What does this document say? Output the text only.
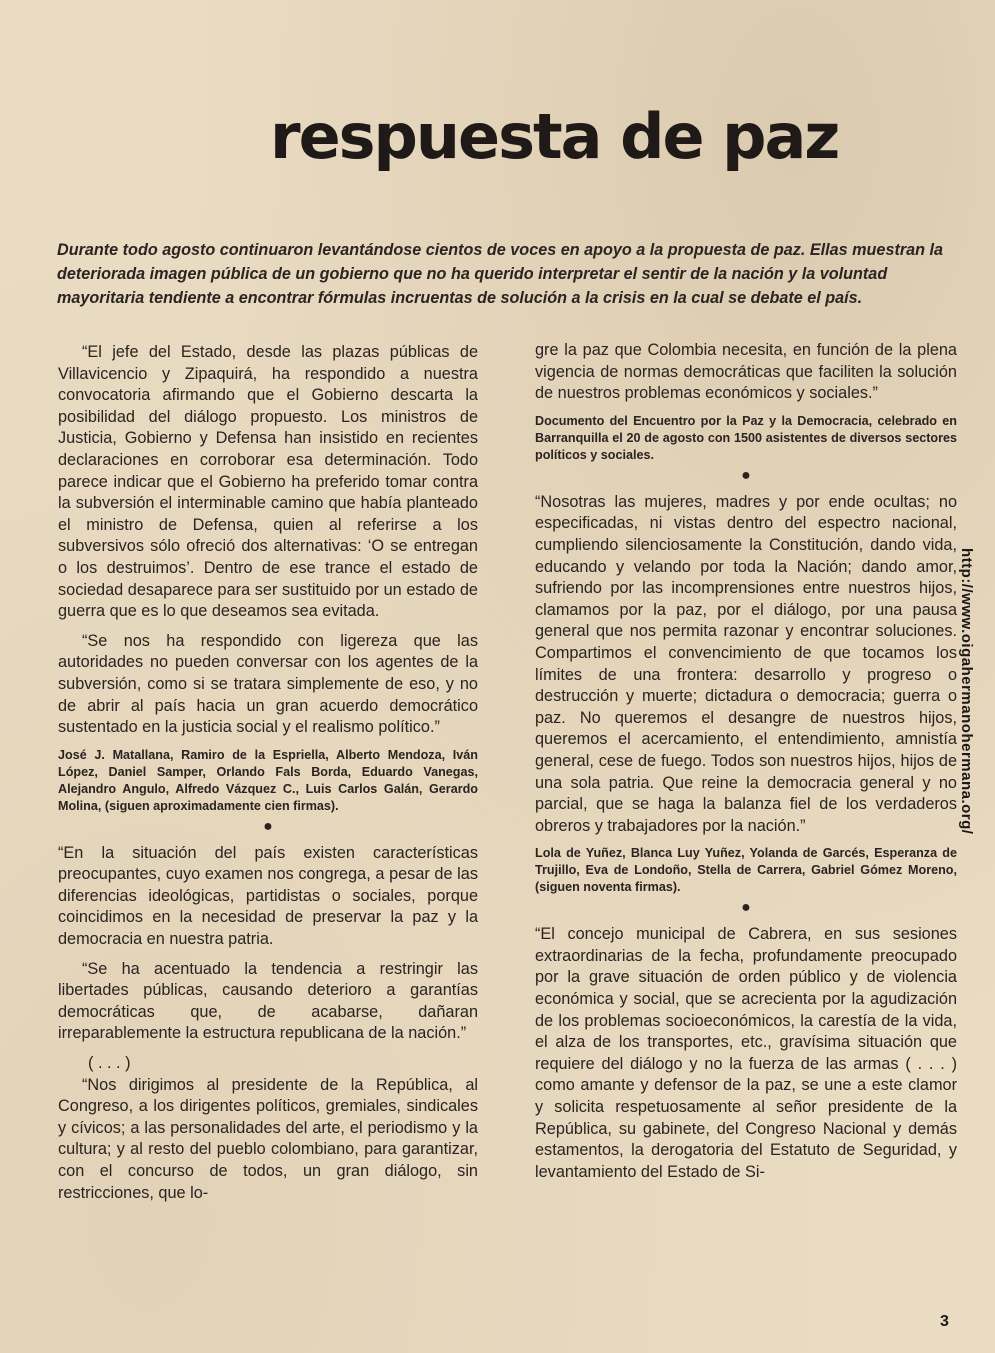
respuesta de paz

Durante todo agosto continuaron levantándose cientos de voces en apoyo a la propuesta de paz. Ellas muestran la deteriorada imagen pública de un gobierno que no ha querido interpretar el sentir de la nación y la voluntad mayoritaria tendiente a encontrar fórmulas incruentas de solución a la crisis en la cual se debate el país.

“El jefe del Estado, desde las plazas públicas de Villavicencio y Zipaquirá, ha respondido a nuestra convocatoria afirmando que el Gobierno descarta la posibilidad del diálogo propuesto. Los ministros de Justicia, Gobierno y Defensa han insistido en recientes declaraciones en corroborar esa determinación. Todo parece indicar que el Gobierno ha preferido tomar contra la subversión el interminable camino que había planteado el ministro de Defensa, quien al referirse a los subversivos sólo ofreció dos alternativas: ‘O se entregan o los destruimos’. Dentro de ese trance el estado de sociedad desaparece para ser sustituido por un estado de guerra que es lo que deseamos sea evitada.

“Se nos ha respondido con ligereza que las autoridades no pueden conversar con los agentes de la subversión, como si se tratara simplemente de eso, y no de abrir al país hacia un gran acuerdo democrático sustentado en la justicia social y el realismo político.”

José J. Matallana, Ramiro de la Espriella, Alberto Mendoza, Iván López, Daniel Samper, Orlando Fals Borda, Eduardo Vanegas, Alejandro Angulo, Alfredo Vázquez C., Luis Carlos Galán, Gerardo Molina, (siguen aproximadamente cien firmas).

●

“En la situación del país existen características preocupantes, cuyo examen nos congrega, a pesar de las diferencias ideológicas, partidistas o sociales, porque coincidimos en la necesidad de preservar la paz y la democracia en nuestra patria.

“Se ha acentuado la tendencia a restringir las libertades públicas, causando deterioro a garantías democráticas que, de acabarse, dañaran irreparablemente la estructura republicana de la nación.”

( . . . )

“Nos dirigimos al presidente de la República, al Congreso, a los dirigentes políticos, gremiales, sindicales y cívicos; a las personalidades del arte, el periodismo y la cultura; y al resto del pueblo colombiano, para garantizar, con el concurso de todos, un gran diálogo, sin restricciones, que lo-

gre la paz que Colombia necesita, en función de la plena vigencia de normas democráticas que faciliten la solución de nuestros problemas económicos y sociales.”

Documento del Encuentro por la Paz y la Democracia, celebrado en Barranquilla el 20 de agosto con 1500 asistentes de diversos sectores políticos y sociales.

●

“Nosotras las mujeres, madres y por ende ocultas; no especificadas, ni vistas dentro del espectro nacional, cumpliendo silenciosamente la Constitución, dando vida, educando y velando por toda la Nación; dando amor, sufriendo por las incomprensiones entre nuestros hijos, clamamos por la paz, por el diálogo, por una pausa general que nos permita razonar y encontrar soluciones. Compartimos el convencimiento de que tocamos los límites de una frontera: desarrollo y progreso o destrucción y muerte; dictadura o democracia; guerra o paz. No queremos el desangre de nuestros hijos, queremos el acercamiento, el entendimiento, amnistía general, cese de fuego. Todos son nuestros hijos, hijos de una sola patria. Que reine la democracia general y no parcial, que se haga la balanza fiel de los verdaderos obreros y trabajadores por la nación.”

Lola de Yuñez, Blanca Luy Yuñez, Yolanda de Garcés, Esperanza de Trujillo, Eva de Londoño, Stella de Carrera, Gabriel Gómez Moreno, (siguen noventa firmas).

●

“El concejo municipal de Cabrera, en sus sesiones extraordinarias de la fecha, profundamente preocupado por la grave situación de orden público y de violencia económica y social, que se acrecienta por la agudización de los problemas socioeconómicos, la carestía de la vida, el alza de los transportes, etc., gravísima situación que requiere del diálogo y no la fuerza de las armas ( . . . ) como amante y defensor de la paz, se une a este clamor y solicita respetuosamente al señor presidente de la República, su gabinete, del Congreso Nacional y demás estamentos, la derogatoria del Estatuto de Seguridad, y levantamiento del Estado de Si-

http://www.oigahermanohermana.org/
3
